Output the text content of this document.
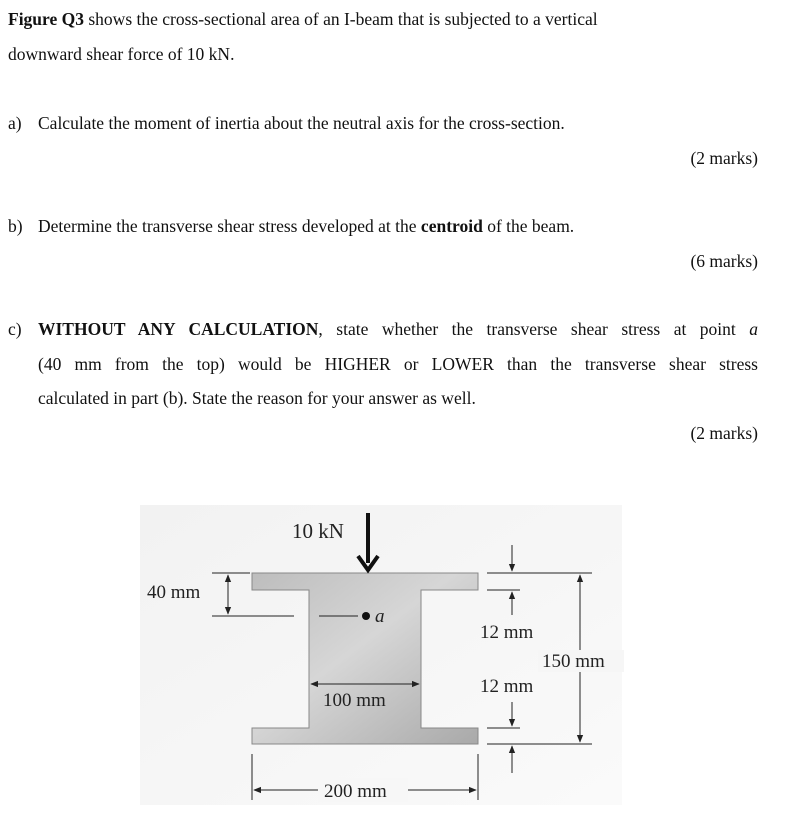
Figure Q3 shows the cross-sectional area of an I-beam that is subjected to a vertical
downward shear force of 10 kN.
a) Calculate the moment of inertia about the neutral axis for the cross-section.
(2 marks)
b) Determine the transverse shear stress developed at the centroid of the beam.
(6 marks)
c) WITHOUT ANY CALCULATION, state whether the transverse shear stress at point a
(40 mm from the top) would be HIGHER or LOWER than the transverse shear stress
calculated in part (b). State the reason for your answer as well.
(2 marks)
10 kN
40 mm
a
100 mm
12 mm
12 mm
150 mm
200 mm
